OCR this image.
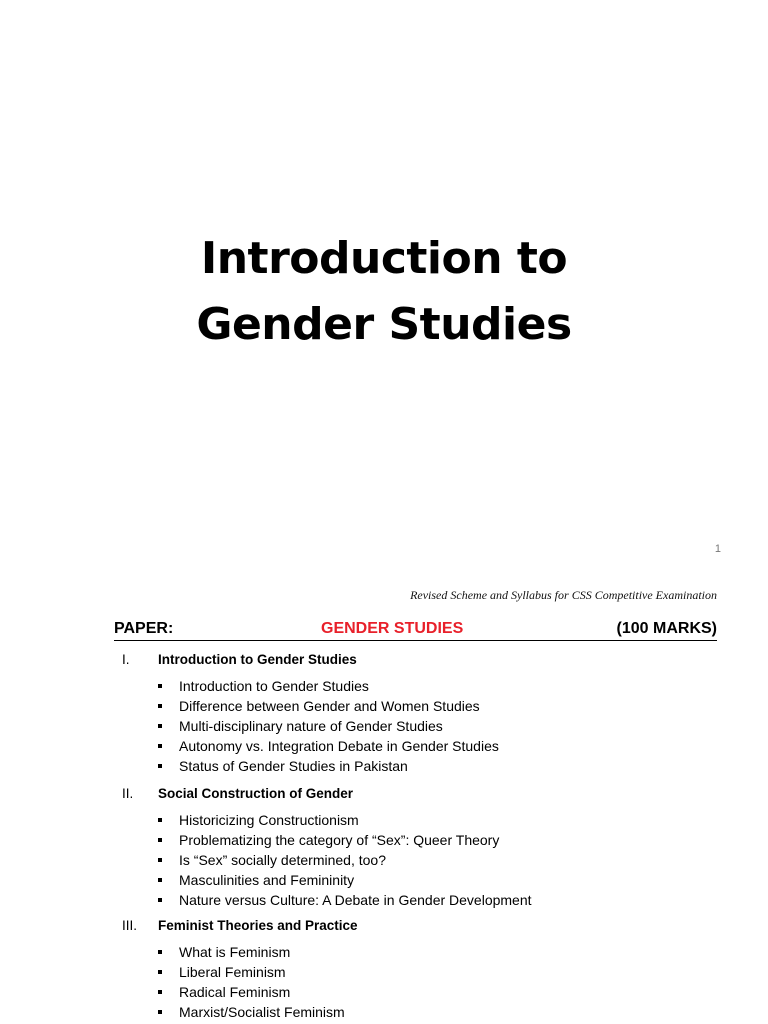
Introduction to
Gender Studies
1
Revised Scheme and Syllabus for CSS Competitive Examination
PAPER:	GENDER STUDIES	(100 MARKS)
I. Introduction to Gender Studies
Introduction to Gender Studies
Difference between Gender and Women Studies
Multi-disciplinary nature of Gender Studies
Autonomy vs. Integration Debate in Gender Studies
Status of Gender Studies in Pakistan
II. Social Construction of Gender
Historicizing Constructionism
Problematizing the category of “Sex”: Queer Theory
Is “Sex” socially determined, too?
Masculinities and Femininity
Nature versus Culture: A Debate in Gender Development
III. Feminist Theories and Practice
What is Feminism
Liberal Feminism
Radical Feminism
Marxist/Socialist Feminism
